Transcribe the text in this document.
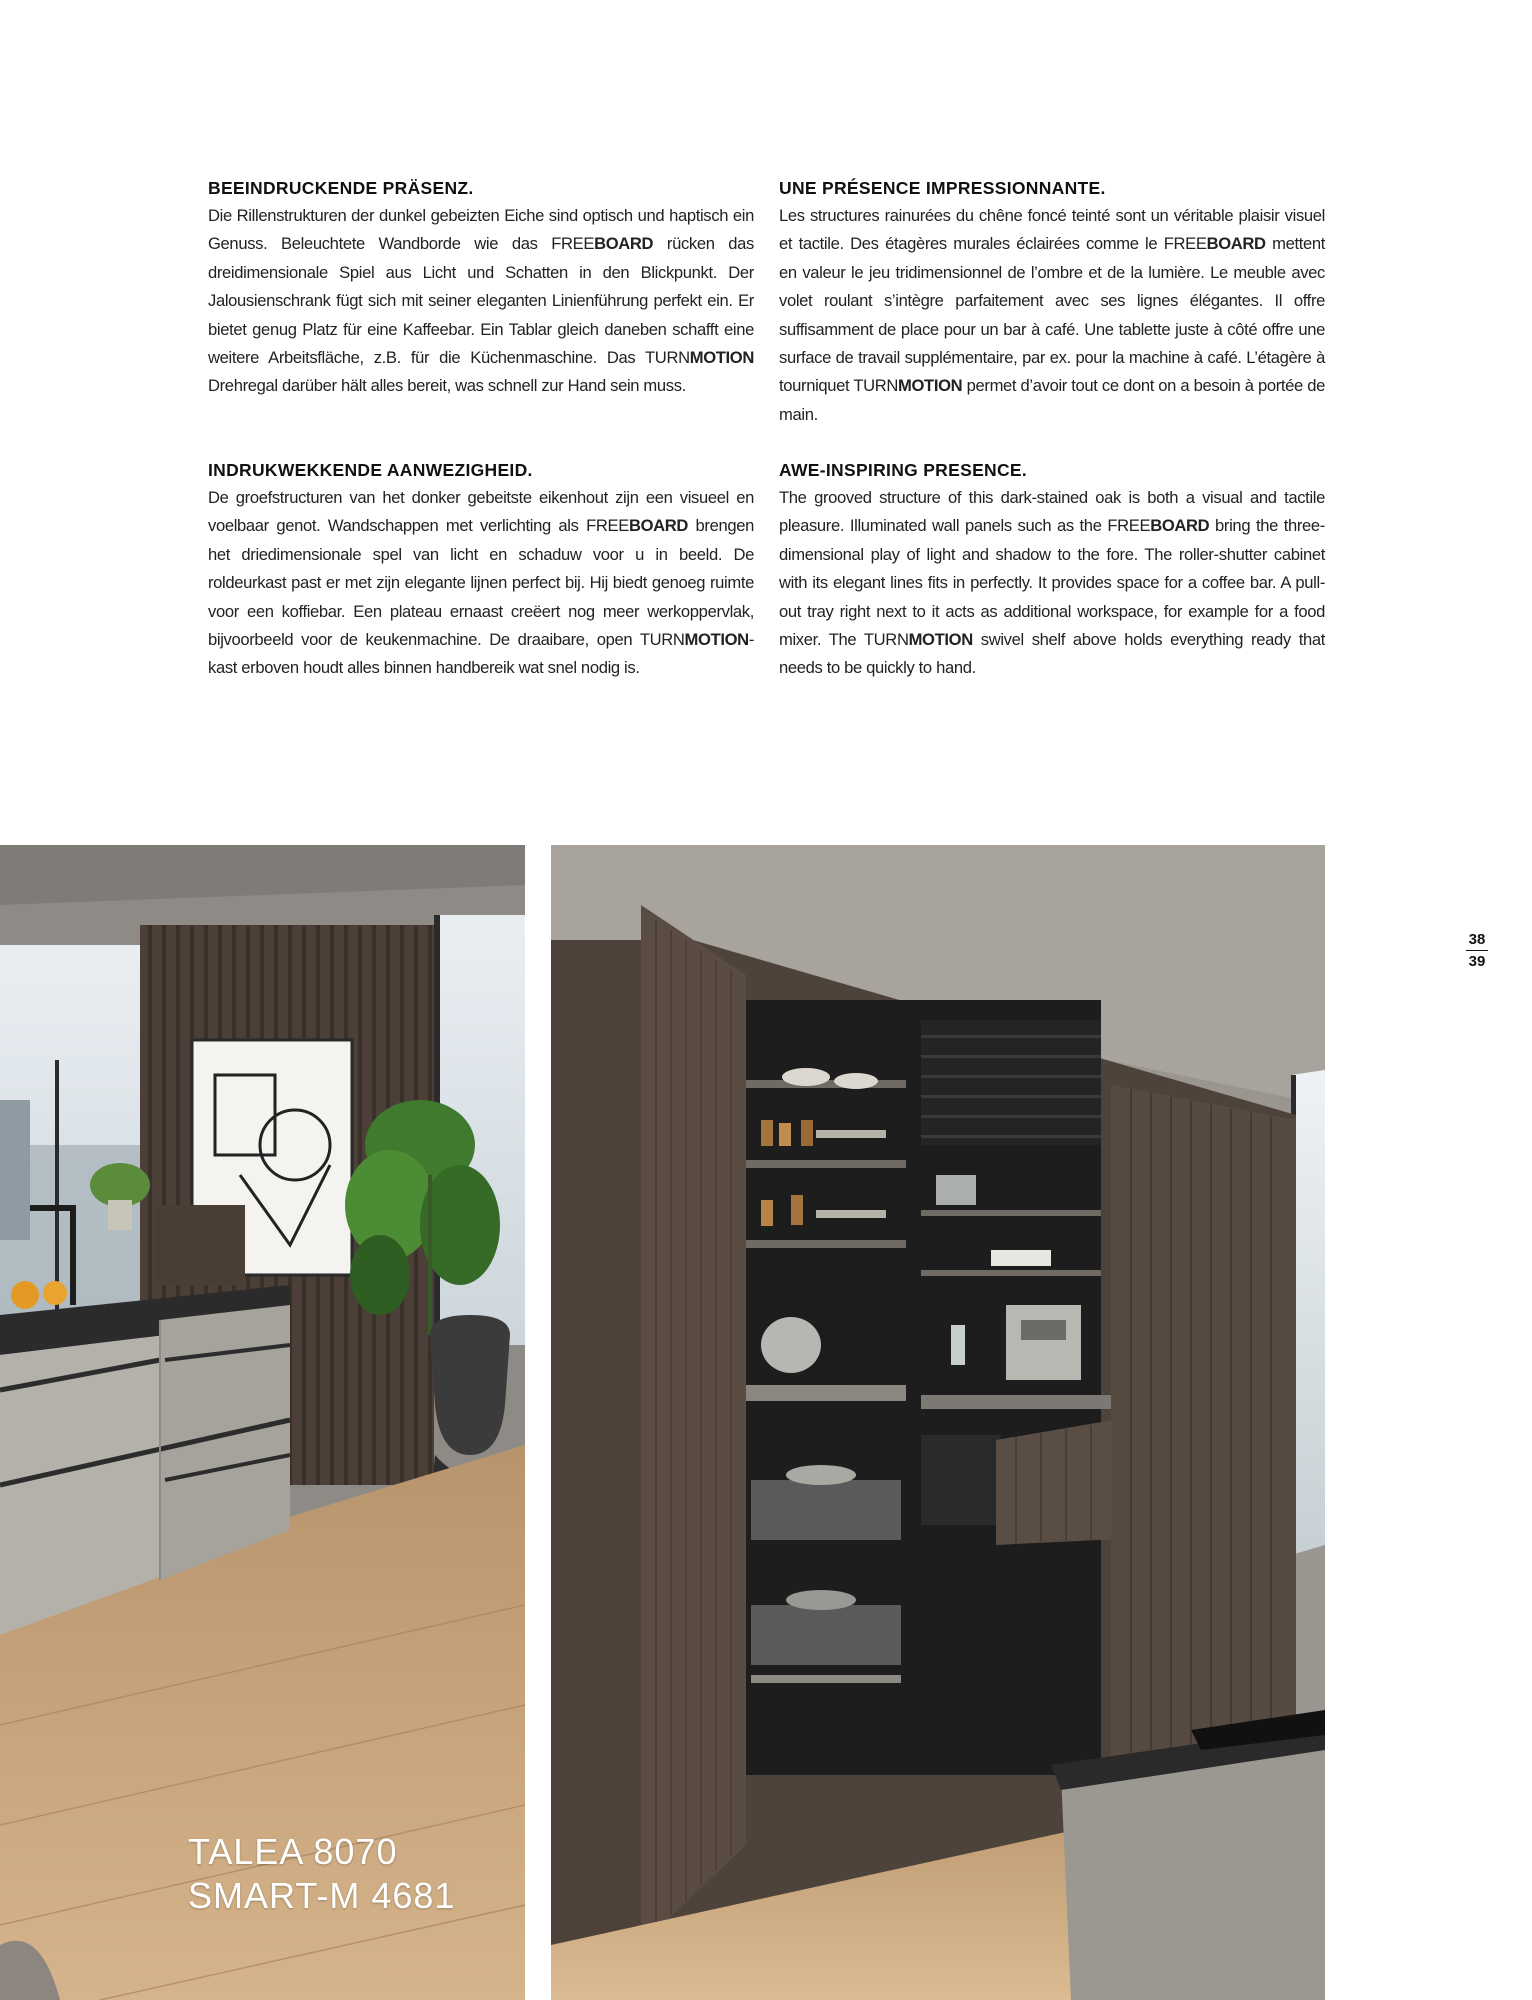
BEEINDRUCKENDE PRÄSENZ.

Die Rillenstrukturen der dunkel gebeizten Eiche sind optisch und haptisch ein Genuss. Beleuchtete Wandborde wie das FREEBOARD rücken das dreidimensionale Spiel aus Licht und Schatten in den Blickpunkt. Der Jalousienschrank fügt sich mit seiner eleganten Linienführung perfekt ein. Er bietet genug Platz für eine Kaffeebar. Ein Tablar gleich daneben schafft eine weitere Arbeitsfläche, z.B. für die Küchenmaschine. Das TURNMOTION Drehregal darüber hält alles bereit, was schnell zur Hand sein muss.

UNE PRÉSENCE IMPRESSIONNANTE.

Les structures rainurées du chêne foncé teinté sont un véritable plaisir visuel et tactile. Des étagères murales éclairées comme le FREEBOARD mettent en valeur le jeu tridimensionnel de l’ombre et de la lumière. Le meuble avec volet roulant s’intègre parfaitement avec ses lignes élégantes. Il offre suffisamment de place pour un bar à café. Une tablette juste à côté offre une surface de travail supplémentaire, par ex. pour la machine à café. L’étagère à tourniquet TURNMOTION permet d’avoir tout ce dont on a besoin à portée de main.

INDRUKWEKKENDE AANWEZIGHEID.

De groefstructuren van het donker gebeitste eikenhout zijn een visueel en voelbaar genot. Wandschappen met verlichting als FREEBOARD brengen het driedimensionale spel van licht en schaduw voor u in beeld. De roldeurkast past er met zijn elegante lijnen perfect bij. Hij biedt genoeg ruimte voor een koffiebar. Een plateau ernaast creëert nog meer werkoppervlak, bijvoorbeeld voor de keukenmachine. De draaibare, open TURNMOTION-kast erboven houdt alles binnen handbereik wat snel nodig is.

AWE-INSPIRING PRESENCE.

The grooved structure of this dark-stained oak is both a visual and tactile pleasure. Illuminated wall panels such as the FREEBOARD bring the three-dimensional play of light and shadow to the fore. The roller-shutter cabinet with its elegant lines fits in perfectly. It provides space for a coffee bar. A pull-out tray right next to it acts as additional workspace, for example for a food mixer. The TURNMOTION swivel shelf above holds everything ready that needs to be quickly to hand.

38
39
TALEA 8070
SMART-M 4681
